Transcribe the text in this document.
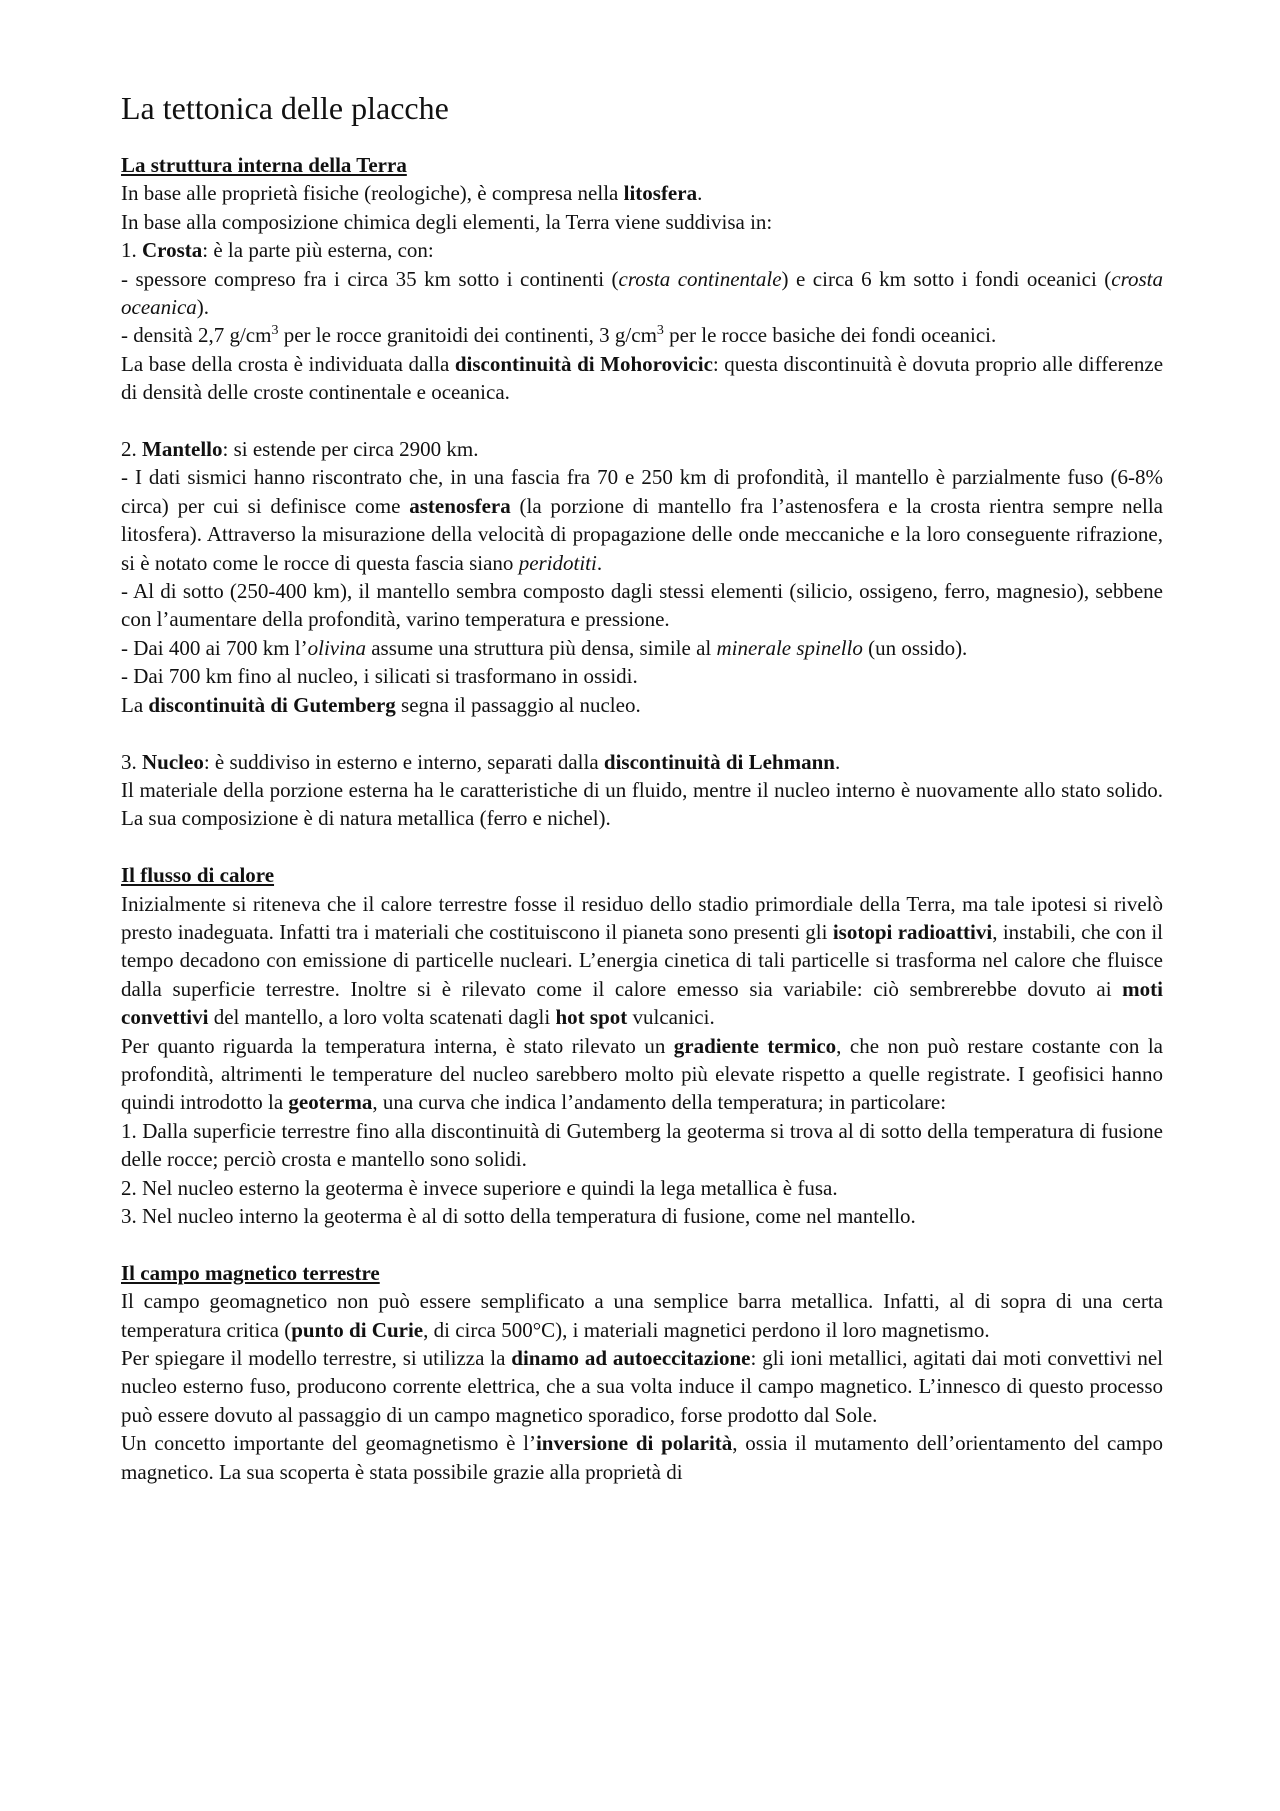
La tettonica delle placche

La struttura interna della Terra

In base alle proprietà fisiche (reologiche), è compresa nella litosfera.

In base alla composizione chimica degli elementi, la Terra viene suddivisa in:

1. Crosta: è la parte più esterna, con:

- spessore compreso fra i circa 35 km sotto i continenti (crosta continentale) e circa 6 km sotto i fondi oceanici (crosta oceanica).

- densità 2,7 $g/cm^3$ per le rocce granitoidi dei continenti, 3 $g/cm^3$ per le rocce basiche dei fondi oceanici.

La base della crosta è individuata dalla discontinuità di Mohorovicic: questa discontinuità è dovuta proprio alle differenze di densità delle croste continentale e oceanica.

2. Mantello: si estende per circa 2900 km.

- I dati sismici hanno riscontrato che, in una fascia fra 70 e 250 km di profondità, il mantello è parzialmente fuso (6-8% circa) per cui si definisce come astenosfera (la porzione di mantello fra l’astenosfera e la crosta rientra sempre nella litosfera). Attraverso la misurazione della velocità di propagazione delle onde meccaniche e la loro conseguente rifrazione, si è notato come le rocce di questa fascia siano peridotiti.

- Al di sotto (250-400 km), il mantello sembra composto dagli stessi elementi (silicio, ossigeno, ferro, magnesio), sebbene con l’aumentare della profondità, varino temperatura e pressione.

- Dai 400 ai 700 km l’olivina assume una struttura più densa, simile al minerale spinello (un ossido).

- Dai 700 km fino al nucleo, i silicati si trasformano in ossidi.

La discontinuità di Gutemberg segna il passaggio al nucleo.

3. Nucleo: è suddiviso in esterno e interno, separati dalla discontinuità di Lehmann.

Il materiale della porzione esterna ha le caratteristiche di un fluido, mentre il nucleo interno è nuovamente allo stato solido. La sua composizione è di natura metallica (ferro e nichel).

Il flusso di calore

Inizialmente si riteneva che il calore terrestre fosse il residuo dello stadio primordiale della Terra, ma tale ipotesi si rivelò presto inadeguata. Infatti tra i materiali che costituiscono il pianeta sono presenti gli isotopi radioattivi, instabili, che con il tempo decadono con emissione di particelle nucleari. L’energia cinetica di tali particelle si trasforma nel calore che fluisce dalla superficie terrestre. Inoltre si è rilevato come il calore emesso sia variabile: ciò sembrerebbe dovuto ai moti convettivi del mantello, a loro volta scatenati dagli hot spot vulcanici.

Per quanto riguarda la temperatura interna, è stato rilevato un gradiente termico, che non può restare costante con la profondità, altrimenti le temperature del nucleo sarebbero molto più elevate rispetto a quelle registrate. I geofisici hanno quindi introdotto la geoterma, una curva che indica l’andamento della temperatura; in particolare:

1. Dalla superficie terrestre fino alla discontinuità di Gutemberg la geoterma si trova al di sotto della temperatura di fusione delle rocce; perciò crosta e mantello sono solidi.

2. Nel nucleo esterno la geoterma è invece superiore e quindi la lega metallica è fusa.

3. Nel nucleo interno la geoterma è al di sotto della temperatura di fusione, come nel mantello.

Il campo magnetico terrestre

Il campo geomagnetico non può essere semplificato a una semplice barra metallica. Infatti, al di sopra di una certa temperatura critica (punto di Curie, di circa 500°C), i materiali magnetici perdono il loro magnetismo.

Per spiegare il modello terrestre, si utilizza la dinamo ad autoeccitazione: gli ioni metallici, agitati dai moti convettivi nel nucleo esterno fuso, producono corrente elettrica, che a sua volta induce il campo magnetico. L’innesco di questo processo può essere dovuto al passaggio di un campo magnetico sporadico, forse prodotto dal Sole.

Un concetto importante del geomagnetismo è l’inversione di polarità, ossia il mutamento dell’orientamento del campo magnetico. La sua scoperta è stata possibile grazie alla proprietà di
